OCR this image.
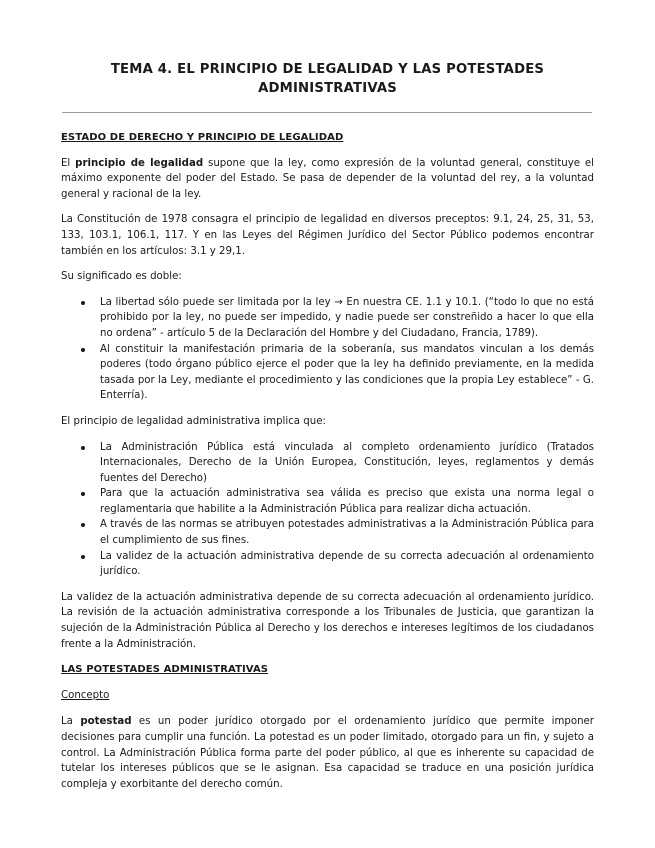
TEMA 4. EL PRINCIPIO DE LEGALIDAD Y LAS POTESTADES
ADMINISTRATIVAS
ESTADO DE DERECHO Y PRINCIPIO DE LEGALIDAD

El principio de legalidad supone que la ley, como expresión de la voluntad general, constituye el máximo exponente del poder del Estado. Se pasa de depender de la voluntad del rey, a la voluntad general y racional de la ley.

La Constitución de 1978 consagra el principio de legalidad en diversos preceptos: 9.1, 24, 25, 31, 53, 133, 103.1, 106.1, 117. Y en las Leyes del Régimen Jurídico del Sector Público podemos encontrar también en los artículos: 3.1 y 29,1.

Su significado es doble:

La libertad sólo puede ser limitada por la ley → En nuestra CE. 1.1 y 10.1. (“todo lo que no está prohibido por la ley, no puede ser impedido, y nadie puede ser constreñido a hacer lo que ella no ordena” - artículo 5 de la Declaración del Hombre y del Ciudadano, Francia, 1789).
Al constituir la manifestación primaria de la soberanía, sus mandatos vinculan a los demás poderes (todo órgano público ejerce el poder que la ley ha definido previamente, en la medida tasada por la Ley, mediante el procedimiento y las condiciones que la propia Ley establece” - G. Enterría).

El principio de legalidad administrativa implica que:

La Administración Pública está vinculada al completo ordenamiento jurídico (Tratados Internacionales, Derecho de la Unión Europea, Constitución, leyes, reglamentos y demás fuentes del Derecho)
Para que la actuación administrativa sea válida es preciso que exista una norma legal o reglamentaria que habilite a la Administración Pública para realizar dicha actuación.
A través de las normas se atribuyen potestades administrativas a la Administración Pública para el cumplimiento de sus fines.
La validez de la actuación administrativa depende de su correcta adecuación al ordenamiento jurídico.

La validez de la actuación administrativa depende de su correcta adecuación al ordenamiento jurídico. La revisión de la actuación administrativa corresponde a los Tribunales de Justicia, que garantizan la sujeción de la Administración Pública al Derecho y los derechos e intereses legítimos de los ciudadanos frente a la Administración.

LAS POTESTADES ADMINISTRATIVAS
Concepto

La potestad es un poder jurídico otorgado por el ordenamiento jurídico que permite imponer decisiones para cumplir una función. La potestad es un poder limitado, otorgado para un fin, y sujeto a control. La Administración Pública forma parte del poder público, al que es inherente su capacidad de tutelar los intereses públicos que se le asignan. Esa capacidad se traduce en una posición jurídica compleja y exorbitante del derecho común.
